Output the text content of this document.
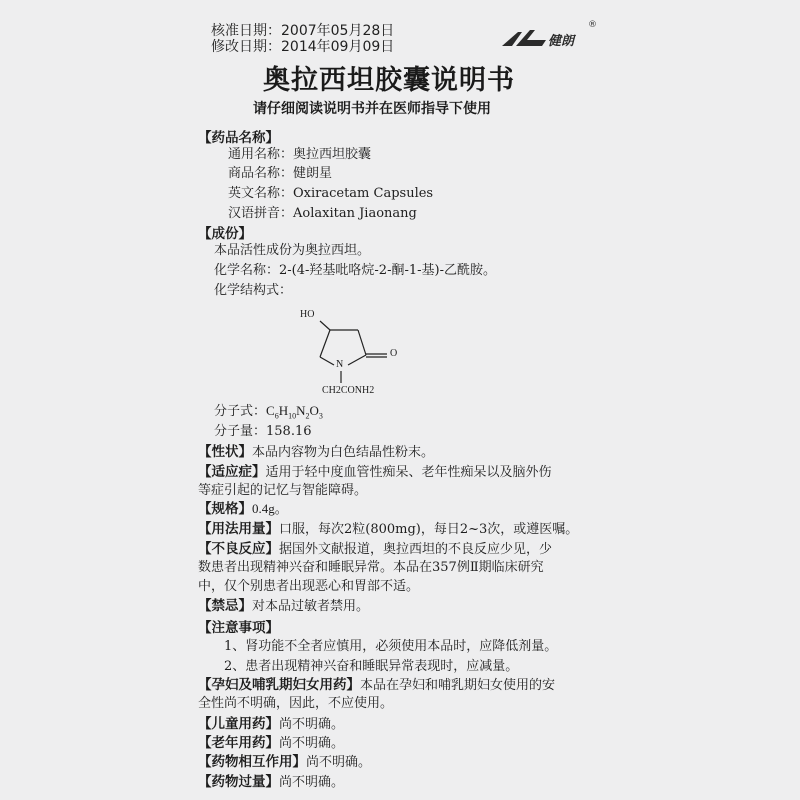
核准日期：2007年05月28日
修改日期：2014年09月09日	健朗
®
奥拉西坦胶囊说明书
请仔细阅读说明书并在医师指导下使用
【药品名称】
通用名称：奥拉西坦胶囊
商品名称：健朗星
英文名称：Oxiracetam Capsules
汉语拼音：Aolaxitan Jiaonang
【成份】
本品活性成份为奥拉西坦。
化学名称：2-(4-羟基吡咯烷-2-酮-1-基)-乙酰胺。
化学结构式：
HO
N
O
CH2CONH2
分子式：$C_6H_{10}N_2O_3$
分子量：158.16
【性状】本品内容物为白色结晶性粉末。
【适应症】适用于轻中度血管性痴呆、老年性痴呆以及脑外伤
等症引起的记忆与智能障碍。
【规格】0.4g。
【用法用量】口服，每次2粒(800mg)，每日2~3次，或遵医嘱。
【不良反应】据国外文献报道，奥拉西坦的不良反应少见，少
数患者出现精神兴奋和睡眠异常。本品在357例Ⅱ期临床研究
中，仅个别患者出现恶心和胃部不适。
【禁忌】对本品过敏者禁用。
【注意事项】
1、肾功能不全者应慎用，必须使用本品时，应降低剂量。
2、患者出现精神兴奋和睡眠异常表现时，应减量。
【孕妇及哺乳期妇女用药】本品在孕妇和哺乳期妇女使用的安
全性尚不明确，因此，不应使用。
【儿童用药】尚不明确。
【老年用药】尚不明确。
【药物相互作用】尚不明确。
【药物过量】尚不明确。
